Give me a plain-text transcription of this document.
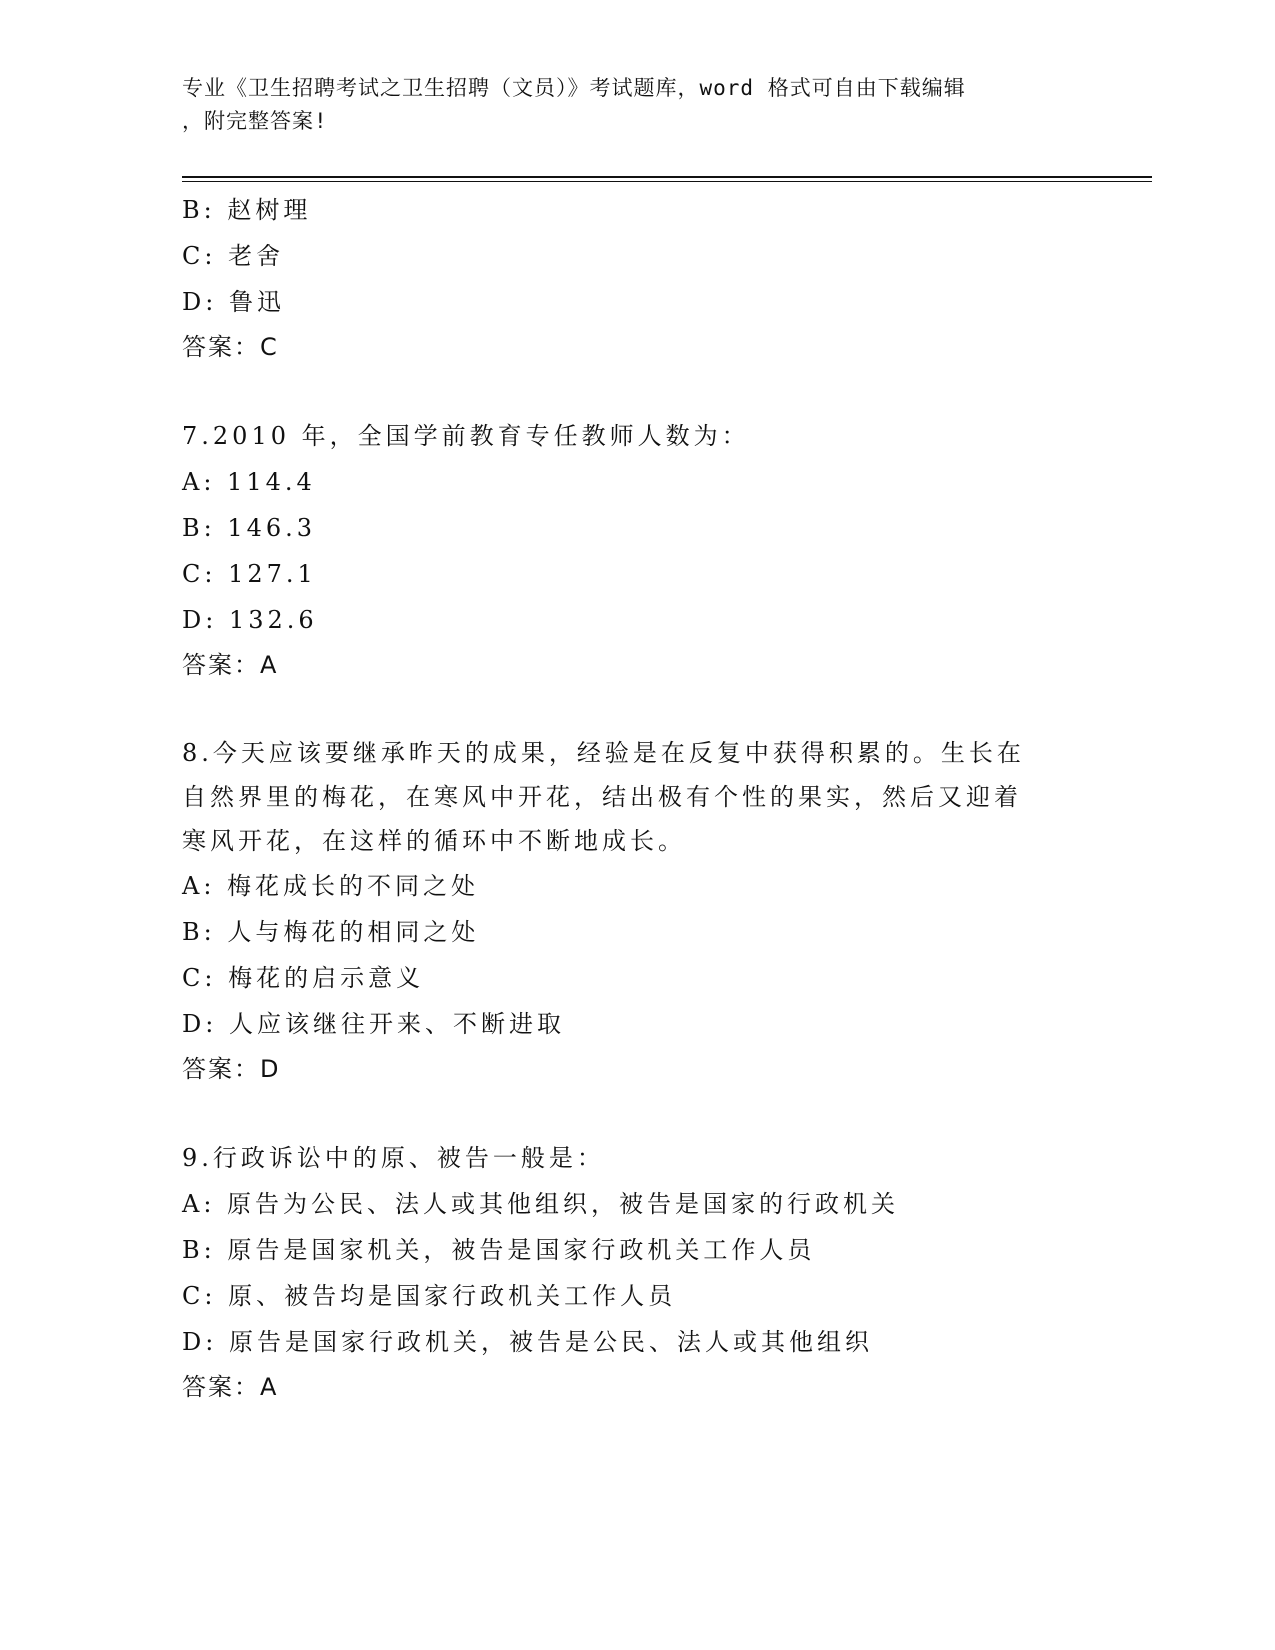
专业《卫生招聘考试之卫生招聘（文员）》考试题库，word 格式可自由下载编辑
，附完整答案!
B: 赵树理
C: 老舍
D: 鲁迅
答案：C
7.2010 年，全国学前教育专任教师人数为：
A: 114.4
B: 146.3
C: 127.1
D: 132.6
答案：A
8.今天应该要继承昨天的成果，经验是在反复中获得积累的。生长在
自然界里的梅花，在寒风中开花，结出极有个性的果实，然后又迎着
寒风开花，在这样的循环中不断地成长。
A: 梅花成长的不同之处
B: 人与梅花的相同之处
C: 梅花的启示意义
D: 人应该继往开来、不断进取
答案：D
9.行政诉讼中的原、被告一般是：
A: 原告为公民、法人或其他组织，被告是国家的行政机关
B: 原告是国家机关，被告是国家行政机关工作人员
C: 原、被告均是国家行政机关工作人员
D: 原告是国家行政机关，被告是公民、法人或其他组织
答案：A
